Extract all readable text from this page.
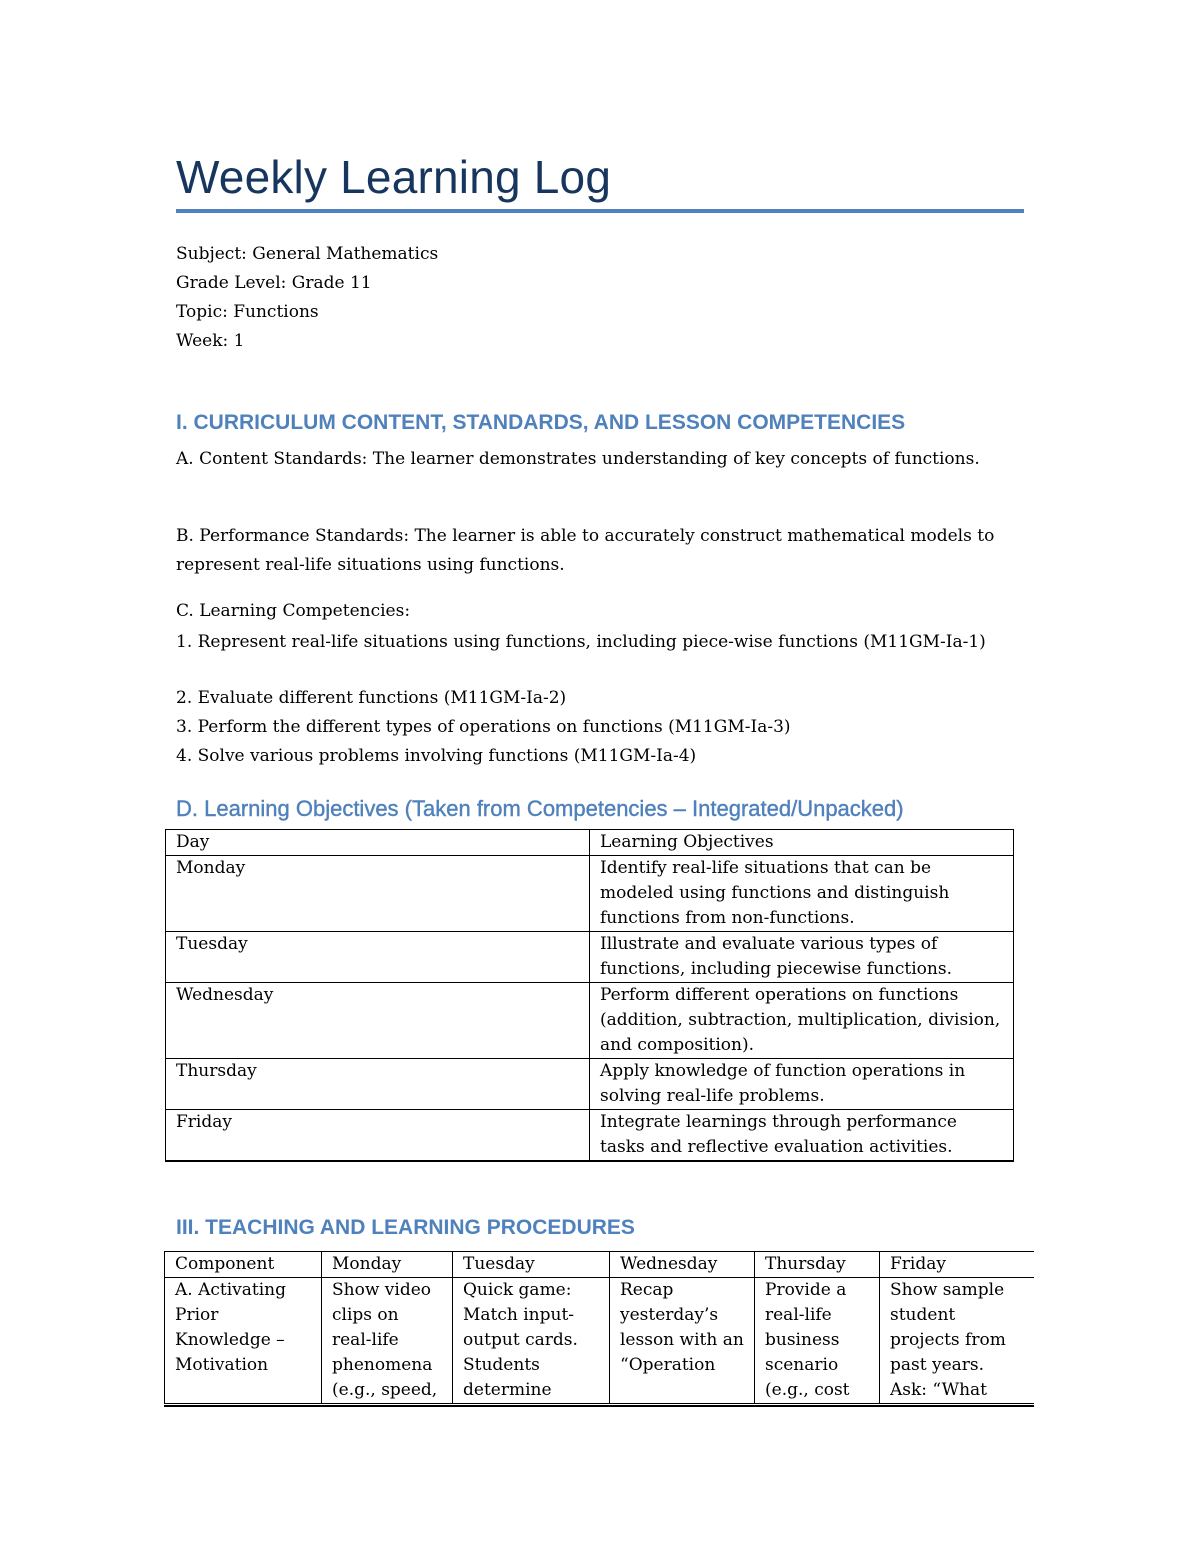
Weekly Learning Log
Subject: General Mathematics
Grade Level: Grade 11
Topic: Functions
Week: 1
I. CURRICULUM CONTENT, STANDARDS, AND LESSON COMPETENCIES
A. Content Standards: The learner demonstrates understanding of key concepts of functions.
B. Performance Standards: The learner is able to accurately construct mathematical models to represent real-life situations using functions.
C. Learning Competencies:
1. Represent real-life situations using functions, including piece-wise functions (M11GM-Ia-1)
2. Evaluate different functions (M11GM-Ia-2)
3. Perform the different types of operations on functions (M11GM-Ia-3)
4. Solve various problems involving functions (M11GM-Ia-4)
D. Learning Objectives (Taken from Competencies – Integrated/Unpacked)
Day	Learning Objectives
Monday	Identify real-life situations that can be modeled using functions and distinguish functions from non-functions.
Tuesday	Illustrate and evaluate various types of functions, including piecewise functions.
Wednesday	Perform different operations on functions (addition, subtraction, multiplication, division, and composition).
Thursday	Apply knowledge of function operations in solving real-life problems.
Friday	Integrate learnings through performance tasks and reflective evaluation activities.
III. TEACHING AND LEARNING PROCEDURES
Component	Monday	Tuesday	Wednesday	Thursday	Friday
A. Activating Prior Knowledge – Motivation	Show video clips on real-life phenomena (e.g., speed,	Quick game: Match input-output cards. Students determine	Recap yesterday’s lesson with an “Operation	Provide a real-life business scenario (e.g., cost	Show sample student projects from past years. Ask: “What
